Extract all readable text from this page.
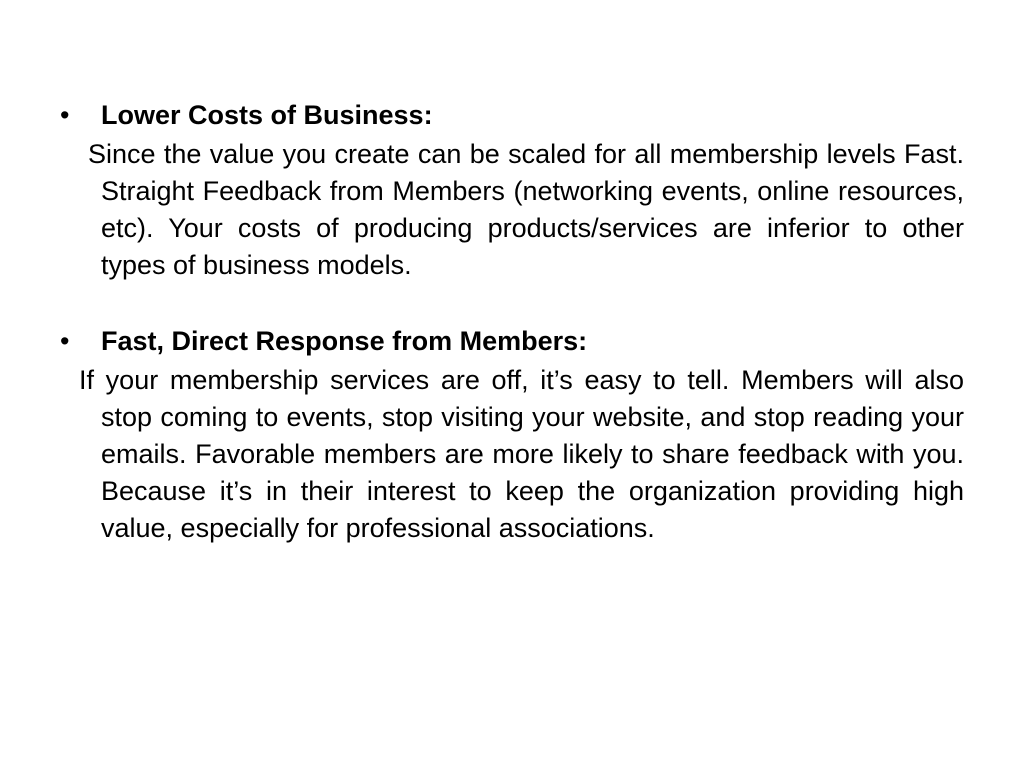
•	Lower Costs of Business:

Since the value you create can be scaled for all membership levels Fast. Straight Feedback from Members (networking events, online resources, etc). Your costs of producing products/services are inferior to other types of business models.

•	Fast, Direct Response from Members:

If your membership services are off, it’s easy to tell. Members will also stop coming to events, stop visiting your website, and stop reading your emails. Favorable members are more likely to share feedback with you. Because it’s in their interest to keep the organization providing high value, especially for professional associations.
